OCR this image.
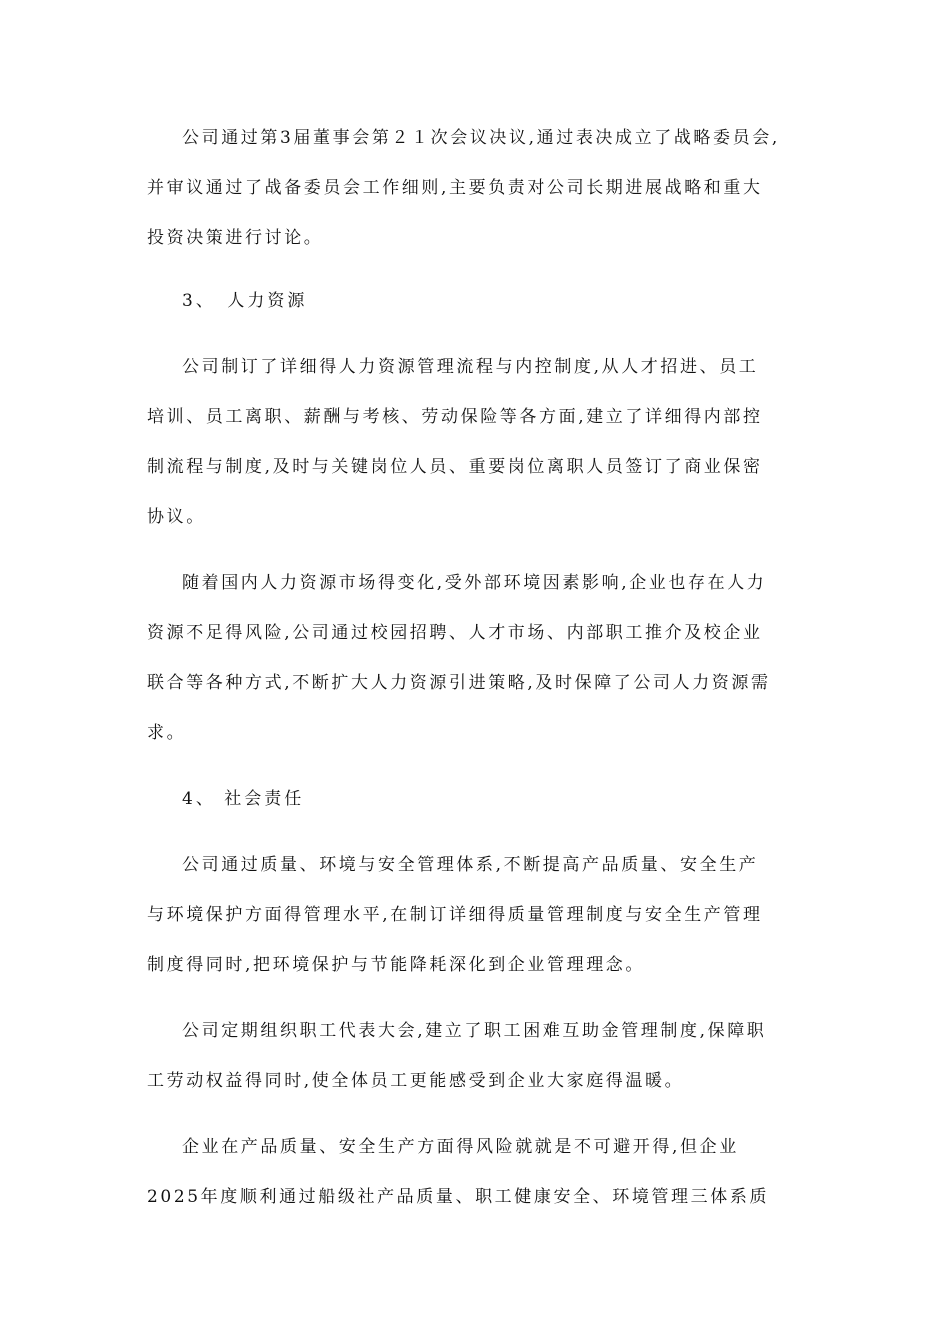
公司通过第3届董事会第２１次会议决议,通过表决成立了战略委员会,
并审议通过了战备委员会工作细则,主要负责对公司长期进展战略和重大
投资决策进行讨论。
3、　人力资源
公司制订了详细得人力资源管理流程与内控制度,从人才招进、员工
培训、员工离职、薪酬与考核、劳动保险等各方面,建立了详细得内部控
制流程与制度,及时与关键岗位人员、重要岗位离职人员签订了商业保密
协议。
随着国内人力资源市场得变化,受外部环境因素影响,企业也存在人力
资源不足得风险,公司通过校园招聘、人才市场、内部职工推介及校企业
联合等各种方式,不断扩大人力资源引进策略,及时保障了公司人力资源需
求。
4、 社会责任
公司通过质量、环境与安全管理体系,不断提高产品质量、安全生产
与环境保护方面得管理水平,在制订详细得质量管理制度与安全生产管理
制度得同时,把环境保护与节能降耗深化到企业管理理念。
公司定期组织职工代表大会,建立了职工困难互助金管理制度,保障职
工劳动权益得同时,使全体员工更能感受到企业大家庭得温暖。
企业在产品质量、安全生产方面得风险就就是不可避开得,但企业
2025年度顺利通过船级社产品质量、职工健康安全、环境管理三体系质
